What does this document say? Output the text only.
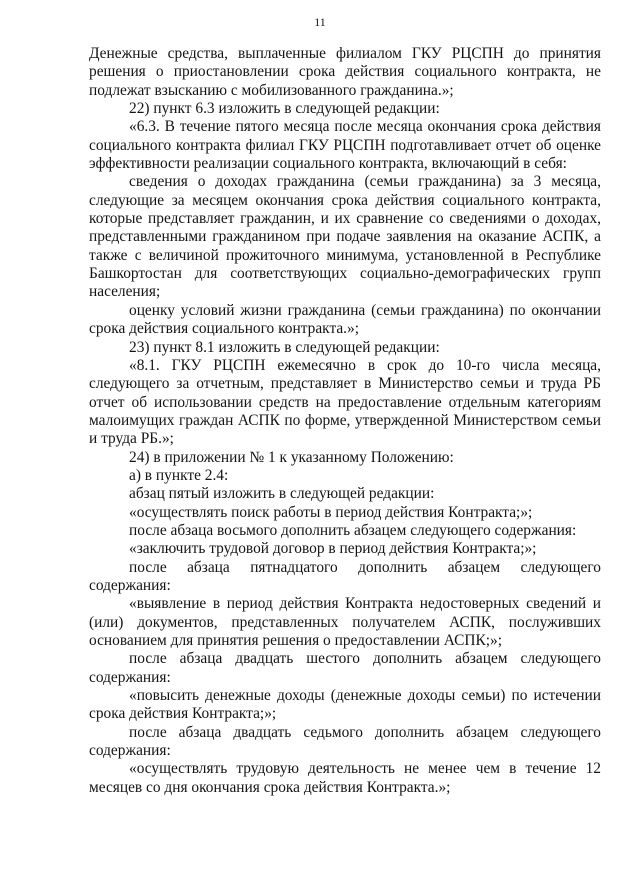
11

Денежные средства, выплаченные филиалом ГКУ РЦСПН до принятия решения о приостановлении срока действия социального контракта, не подлежат взысканию с мобилизованного гражданина.»;

22) пункт 6.3 изложить в следующей редакции:

«6.3. В течение пятого месяца после месяца окончания срока действия социального контракта филиал ГКУ РЦСПН подготавливает отчет об оценке эффективности реализации социального контракта, включающий в себя:

сведения о доходах гражданина (семьи гражданина) за 3 месяца, следующие за месяцем окончания срока действия социального контракта, которые представляет гражданин, и их сравнение со сведениями о доходах, представленными гражданином при подаче заявления на оказание АСПК, а также с величиной прожиточного минимума, установленной в Республике Башкортостан для соответствующих социально-демографических групп населения;

оценку условий жизни гражданина (семьи гражданина) по окончании срока действия социального контракта.»;

23) пункт 8.1 изложить в следующей редакции:

«8.1. ГКУ РЦСПН ежемесячно в срок до 10-го числа месяца, следующего за отчетным, представляет в Министерство семьи и труда РБ отчет об использовании средств на предоставление отдельным категориям малоимущих граждан АСПК по форме, утвержденной Министерством семьи и труда РБ.»;

24) в приложении № 1 к указанному Положению:

а) в пункте 2.4:

абзац пятый изложить в следующей редакции:

«осуществлять поиск работы в период действия Контракта;»;

после абзаца восьмого дополнить абзацем следующего содержания:

«заключить трудовой договор в период действия Контракта;»;

после абзаца пятнадцатого дополнить абзацем следующего содержания:

«выявление в период действия Контракта недостоверных сведений и (или) документов, представленных получателем АСПК, послуживших основанием для принятия решения о предоставлении АСПК;»;

после абзаца двадцать шестого дополнить абзацем следующего содержания:

«повысить денежные доходы (денежные доходы семьи) по истечении срока действия Контракта;»;

после абзаца двадцать седьмого дополнить абзацем следующего содержания:

«осуществлять трудовую деятельность не менее чем в течение 12 месяцев со дня окончания срока действия Контракта.»;
